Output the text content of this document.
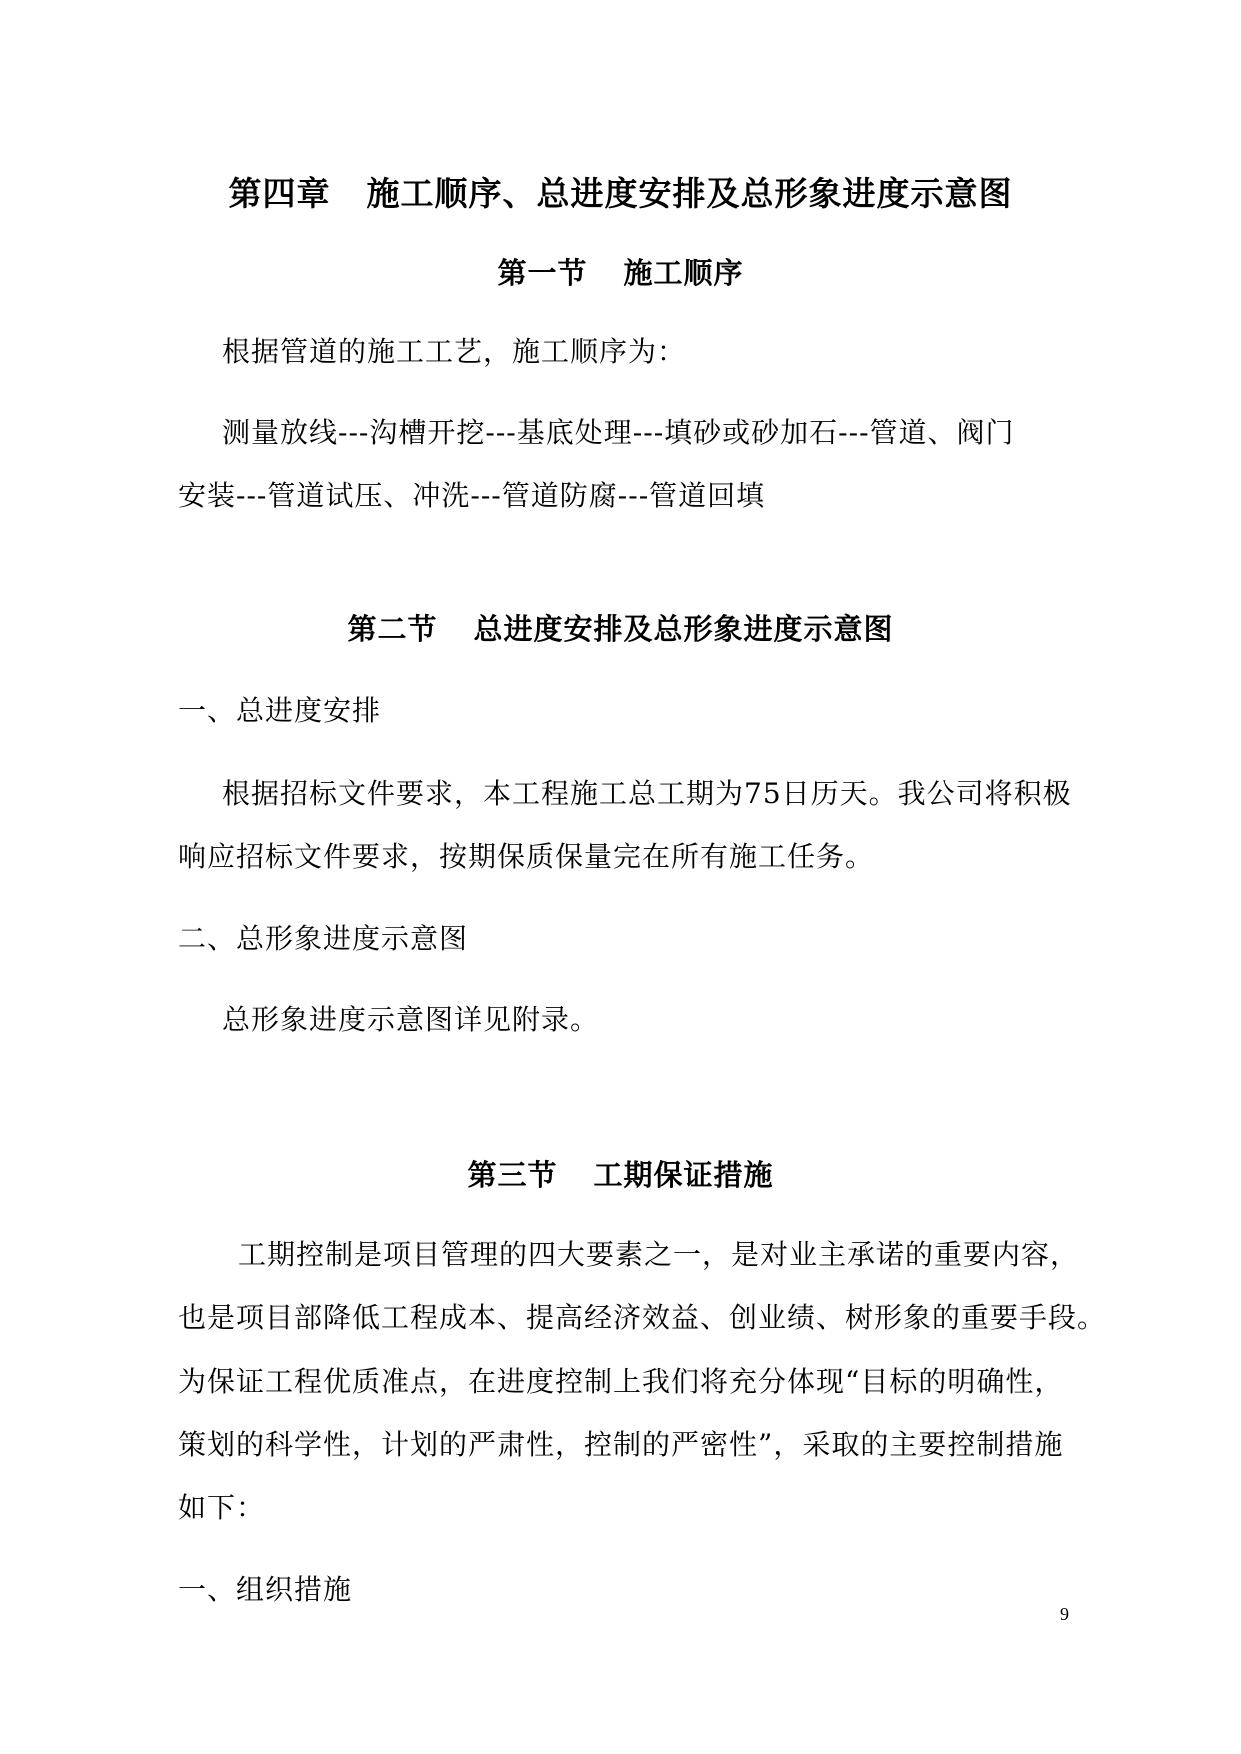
第四章 施工顺序、总进度安排及总形象进度示意图
第一节 施工顺序

根据管道的施工工艺，施工顺序为：

测量放线---沟槽开挖---基底处理---填砂或砂加石---管道、阀门

安装---管道试压、冲洗---管道防腐---管道回填

第二节 总进度安排及总形象进度示意图

一、总进度安排

根据招标文件要求，本工程施工总工期为75日历天。我公司将积极

响应招标文件要求，按期保质保量完在所有施工任务。

二、总形象进度示意图

总形象进度示意图详见附录。

第三节 工期保证措施

工期控制是项目管理的四大要素之一，是对业主承诺的重要内容，

也是项目部降低工程成本、提高经济效益、创业绩、树形象的重要手段。

为保证工程优质准点，在进度控制上我们将充分体现“目标的明确性，

策划的科学性，计划的严肃性，控制的严密性”，采取的主要控制措施

如下：

一、组织措施

9
